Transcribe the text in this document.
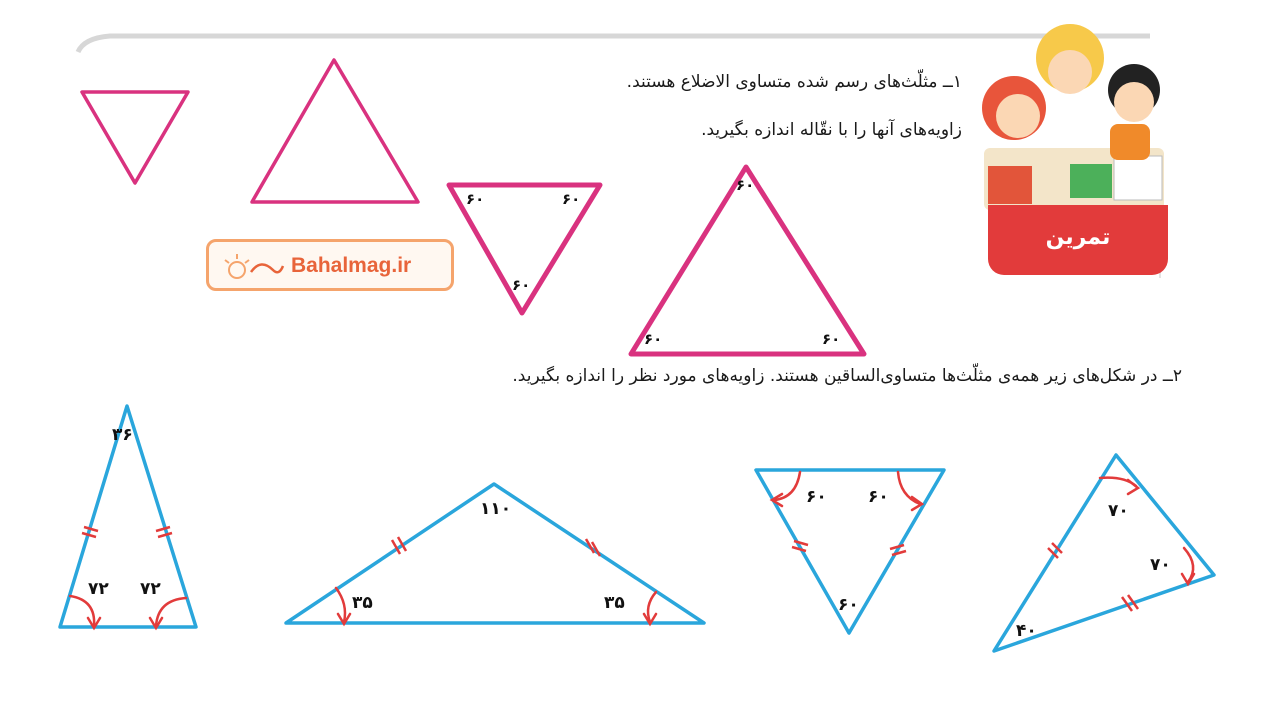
۶۰	۶۰
۶۰
۶۰
۶۰	۶۰
۳۶
۷۲ ۷۲
۱۱۰
۳۵	۳۵
۶۰ ۶۰
۶۰
۷۰
۷۰
۴۰
۱ــ مثلّث‌های رسم شده متساوی الاضلاع هستند.
زاویه‌های آنها را با نقّاله اندازه بگیرید.
۲ــ در شکل‌های زیر همه‌ی مثلّث‌ها متساوی‌الساقین هستند. زاویه‌های مورد نظر را اندازه بگیرید.
تمرین
Bahalmag.ir
